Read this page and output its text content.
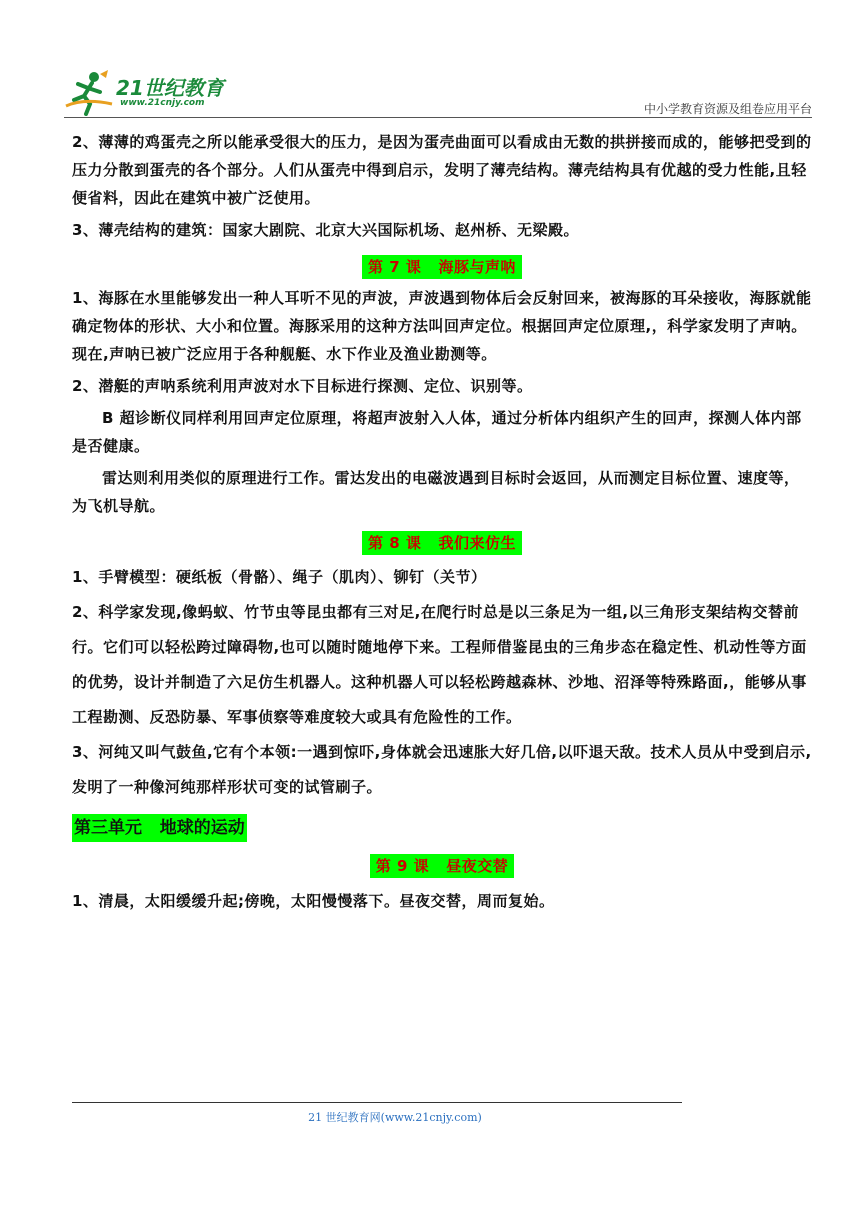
21世纪教育
www.21cnjy.com	中小学教育资源及组卷应用平台

2、薄薄的鸡蛋壳之所以能承受很大的压力，是因为蛋壳曲面可以看成由无数的拱拼接而成的，能够把受到的压力分散到蛋壳的各个部分。人们从蛋壳中得到启示，发明了薄壳结构。薄壳结构具有优越的受力性能,且轻便省料，因此在建筑中被广泛使用。

3、薄壳结构的建筑：国家大剧院、北京大兴国际机场、赵州桥、无梁殿。

第 7 课   海豚与声呐

1、海豚在水里能够发出一种人耳听不见的声波，声波遇到物体后会反射回来，被海豚的耳朵接收，海豚就能确定物体的形状、大小和位置。海豚采用的这种方法叫回声定位。根据回声定位原理,，科学家发明了声呐。现在,声呐已被广泛应用于各种舰艇、水下作业及渔业勘测等。

2、潜艇的声呐系统利用声波对水下目标进行探测、定位、识别等。

B 超诊断仪同样利用回声定位原理，将超声波射入人体，通过分析体内组织产生的回声，探测人体内部是否健康。

雷达则利用类似的原理进行工作。雷达发出的电磁波遇到目标时会返回，从而测定目标位置、速度等，为飞机导航。

第 8 课   我们来仿生

1、手臂模型：硬纸板（骨骼）、绳子（肌肉）、铆钉（关节）

2、科学家发现,像蚂蚁、竹节虫等昆虫都有三对足,在爬行时总是以三条足为一组,以三角形支架结构交替前行。它们可以轻松跨过障碍物,也可以随时随地停下来。工程师借鉴昆虫的三角步态在稳定性、机动性等方面的优势，设计并制造了六足仿生机器人。这种机器人可以轻松跨越森林、沙地、沼泽等特殊路面,，能够从事工程勘测、反恐防暴、军事侦察等难度较大或具有危险性的工作。

3、河纯又叫气鼓鱼,它有个本领:一遇到惊吓,身体就会迅速胀大好几倍,以吓退天敌。技术人员从中受到启示,发明了一种像河纯那样形状可变的试管刷子。

第三单元   地球的运动
第 9 课   昼夜交替

1、清晨，太阳缓缓升起;傍晚，太阳慢慢落下。昼夜交替，周而复始。

21 世纪教育网(www.21cnjy.com)
